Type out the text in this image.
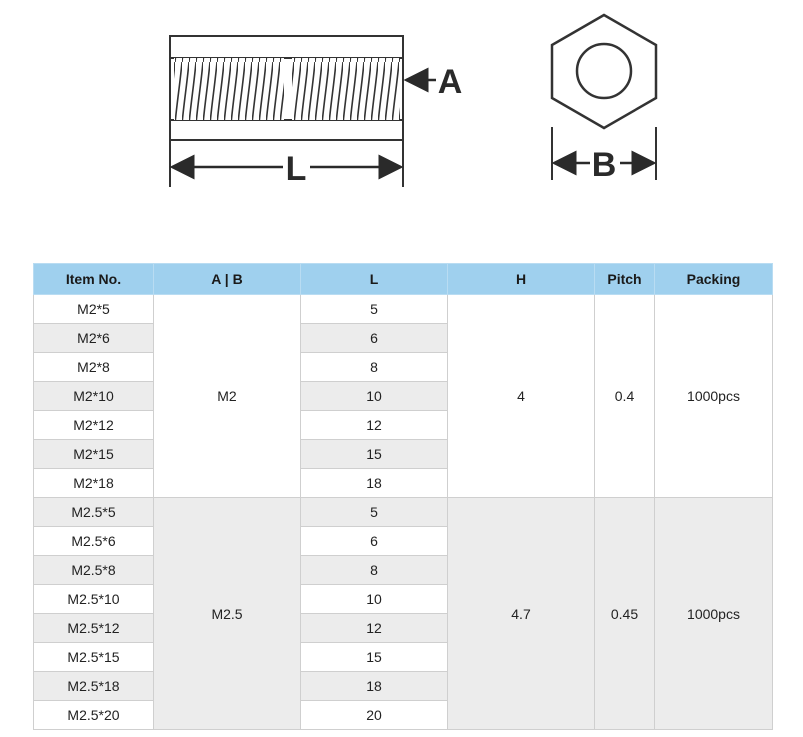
L
A
B
Item No.	A | B	L	H	Pitch	Packing
M2*5	M2	5	4	0.4	1000pcs
M2*6		6			
M2*8		8			
M2*10		10			
M2*12		12			
M2*15		15			
M2*18		18			
M2.5*5	M2.5	5	4.7	0.45	1000pcs
M2.5*6		6			
M2.5*8		8			
M2.5*10		10			
M2.5*12		12			
M2.5*15		15			
M2.5*18		18			
M2.5*20		20			
